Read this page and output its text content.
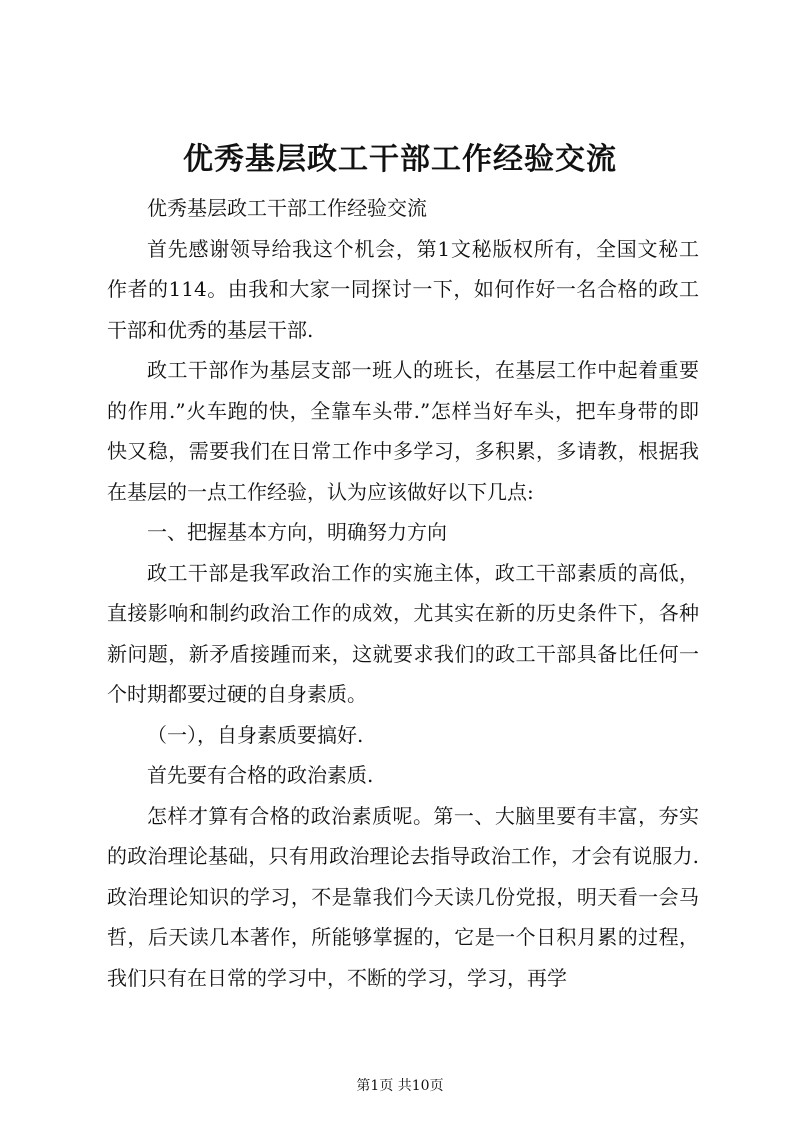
优秀基层政工干部工作经验交流

优秀基层政工干部工作经验交流

首先感谢领导给我这个机会，第1文秘版权所有，全国文秘工作者的114。由我和大家一同探讨一下，如何作好一名合格的政工干部和优秀的基层干部.

政工干部作为基层支部一班人的班长，在基层工作中起着重要的作用.”火车跑的快，全靠车头带.”怎样当好车头，把车身带的即快又稳，需要我们在日常工作中多学习，多积累，多请教，根据我在基层的一点工作经验，认为应该做好以下几点:

一、把握基本方向，明确努力方向

政工干部是我军政治工作的实施主体，政工干部素质的高低，直接影响和制约政治工作的成效，尤其实在新的历史条件下，各种新问题，新矛盾接踵而来，这就要求我们的政工干部具备比任何一个时期都要过硬的自身素质。

（一），自身素质要搞好.

首先要有合格的政治素质.

怎样才算有合格的政治素质呢。第一、大脑里要有丰富，夯实的政治理论基础，只有用政治理论去指导政治工作，才会有说服力.政治理论知识的学习，不是靠我们今天读几份党报，明天看一会马哲，后天读几本著作，所能够掌握的，它是一个日积月累的过程，我们只有在日常的学习中，不断的学习，学习，再学

第1页 共10页
